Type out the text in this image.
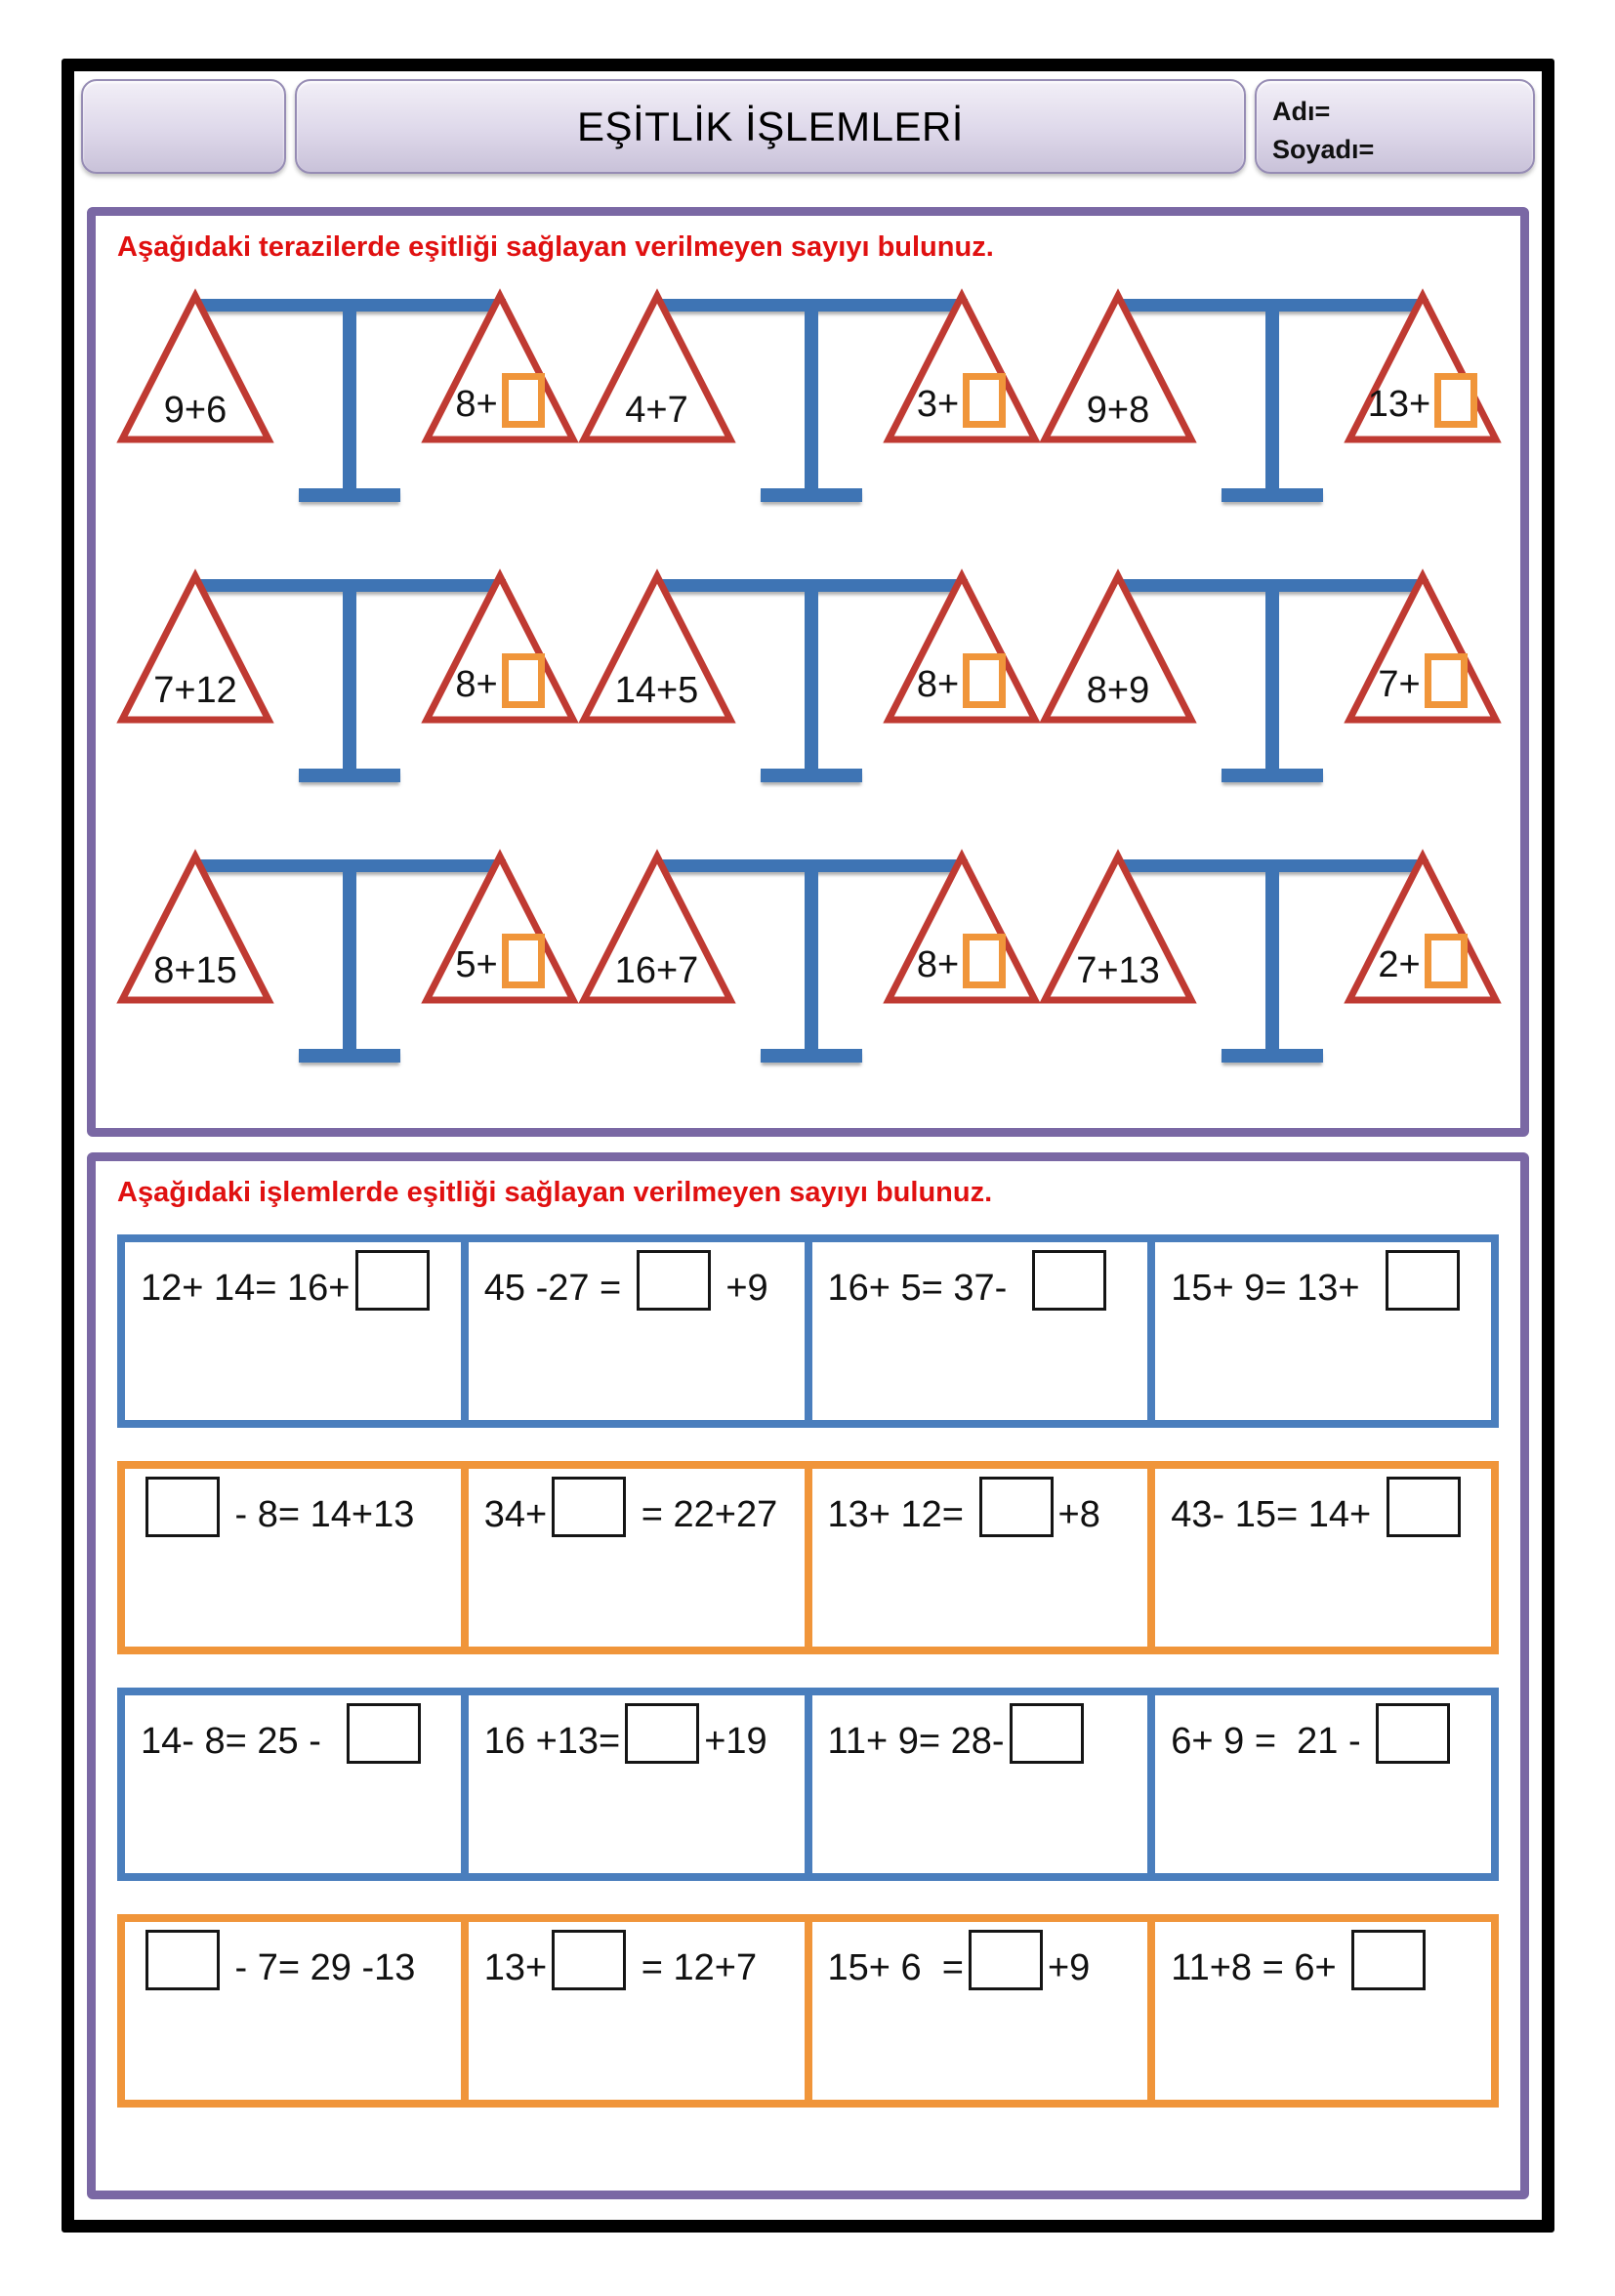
EŞİTLİK İŞLEMLERİ	Adı=
Soyadı=

Aşağıdaki terazilerde eşitliği sağlayan verilmeyen sayıyı bulunuz.

9+6	8+	4+7	3+	9+8	13+
7+12	8+	14+5	8+	8+9	7+
8+15	5+	16+7	8+	7+13	2+

Aşağıdaki işlemlerde eşitliği sağlayan verilmeyen sayıyı bulunuz.

12+ 14= 16+	45 -27 =  +9	16+ 5= 37-	15+ 9= 13+
- 8= 14+13	34+ = 22+27	13+ 12= +8	43- 15= 14+
14- 8= 25 -	16 +13= +19	11+ 9= 28-	6+ 9 =  21 -
- 7= 29 -13	13+ = 12+7	15+ 6  = +9	11+8 = 6+
